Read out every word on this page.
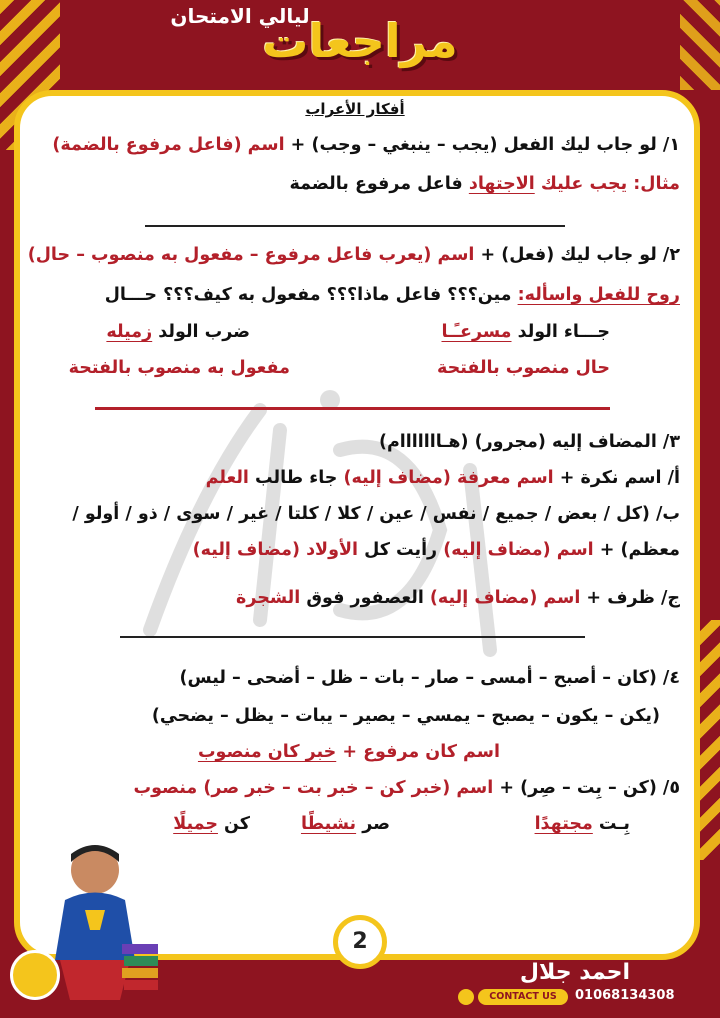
ليالي الامتحان
مراجعات
أفكار الأعراب
١/ لو جاب ليك الفعل (يجب – ينبغي – وجب) + اسم (فاعل مرفوع بالضمة)
مثال: يجب عليك الاجتهاد فاعل مرفوع بالضمة
٢/ لو جاب ليك (فعل) + اسم (يعرب فاعل مرفوع – مفعول به منصوب – حال)
روح للفعل واسأله: مين؟؟؟ فاعل ماذا؟؟؟ مفعول به كيف؟؟؟ حـــال
جـــاء الولد مسرعـًـا
ضرب الولد زميله
حال منصوب بالفتحة
مفعول به منصوب بالفتحة
٣/ المضاف إليه (مجرور) (هـااااااام)
أ/ اسم نكرة + اسم معرفة (مضاف إليه) جاء طالب العلم
ب/ (كل / بعض / جميع / نفس / عين / كلا / كلتا / غير / سوى / ذو / أولو /
معظم) + اسم (مضاف إليه) رأيت كل الأولاد (مضاف إليه)
ج/ ظرف + اسم (مضاف إليه) العصفور فوق الشجرة
٤/ (كان – أصبح – أمسى – صار – بات – ظل – أضحى – ليس)
(يكن – يكون – يصبح – يمسي – يصير – يبات – يظل – يضحي)
اسم كان مرفوع + خبر كان منصوب
٥/ (كن – بِت – صِر) + اسم (خبر كن – خبر بت – خبر صر) منصوب
بِـت مجتهدًا
صر نشيطًا
كن جميلًا
2
احمد جلال
CONTACT US	01068134308
